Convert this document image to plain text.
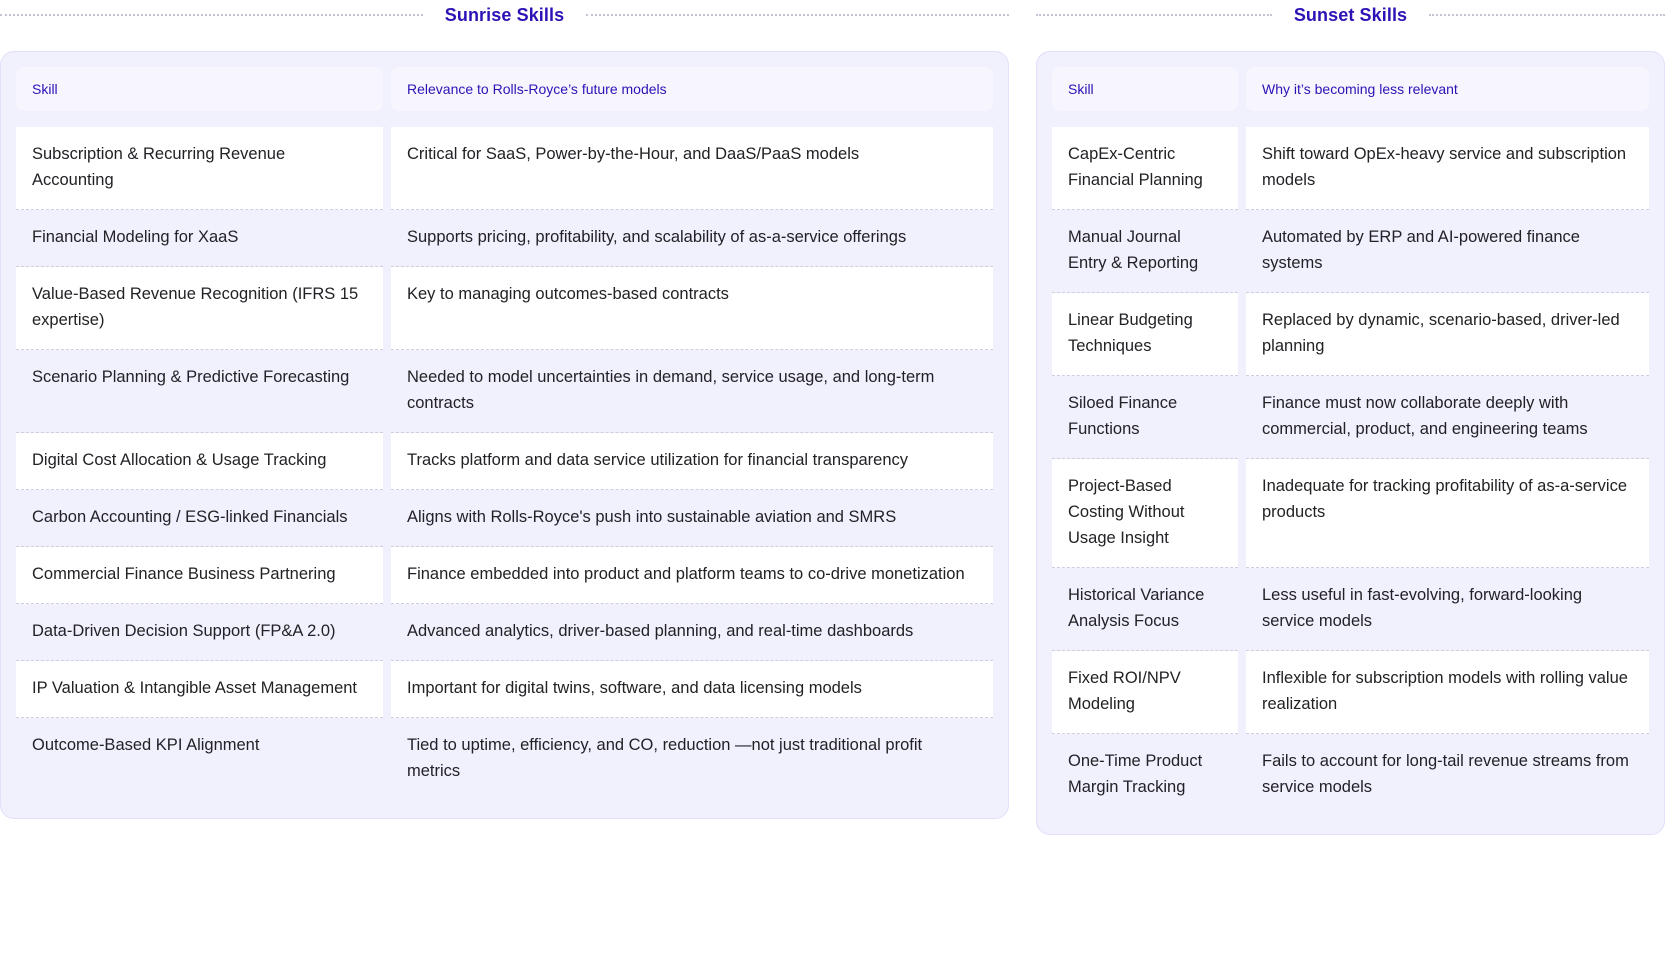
Sunrise Skills
Skill	Relevance to Rolls-Royce’s future models

Subscription & Recurring Revenue Accounting	Critical for SaaS, Power-by-the-Hour, and DaaS/PaaS models
Financial Modeling for XaaS	Supports pricing, profitability, and scalability of as-a-service offerings
Value-Based Revenue Recognition (IFRS 15 expertise)	Key to managing outcomes-based contracts
Scenario Planning & Predictive Forecasting	Needed to model uncertainties in demand, service usage, and long-term contracts
Digital Cost Allocation & Usage Tracking	Tracks platform and data service utilization for financial transparency
Carbon Accounting / ESG-linked Financials	Aligns with Rolls-Royce's push into sustainable aviation and SMRS
Commercial Finance Business Partnering	Finance embedded into product and platform teams to co-drive monetization
Data-Driven Decision Support (FP&A 2.0)	Advanced analytics, driver-based planning, and real-time dashboards
IP Valuation & Intangible Asset Management	Important for digital twins, software, and data licensing models
Outcome-Based KPI Alignment	Tied to uptime, efficiency, and CO, reduction —not just traditional profit metrics
Sunset Skills
Skill	Why it’s becoming less relevant

CapEx-Centric Financial Planning	Shift toward OpEx-heavy service and subscription models
Manual Journal Entry & Reporting	Automated by ERP and AI-powered finance systems
Linear Budgeting Techniques	Replaced by dynamic, scenario-based, driver-led planning
Siloed Finance Functions	Finance must now collaborate deeply with commercial, product, and engineering teams
Project-Based Costing Without Usage Insight	Inadequate for tracking profitability of as-a-service products
Historical Variance Analysis Focus	Less useful in fast-evolving, forward-looking service models
Fixed ROI/NPV Modeling	Inflexible for subscription models with rolling value realization
One-Time Product Margin Tracking	Fails to account for long-tail revenue streams from service models
